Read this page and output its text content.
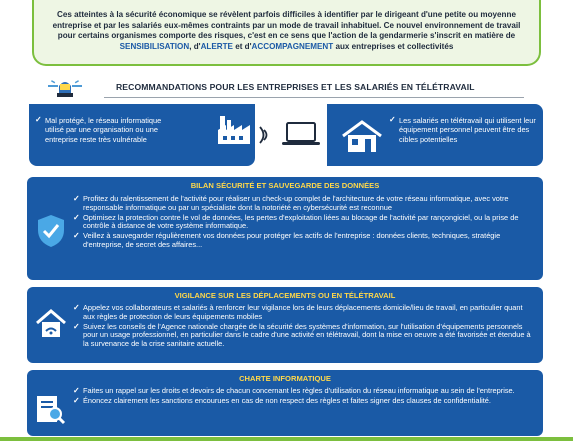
Ces atteintes à la sécurité économique se révèlent parfois difficiles à identifier par le dirigeant d'une petite ou moyenne entreprise et par les salariés eux-mêmes contraints par un mode de travail inhabituel. Ce nouvel environnement de travail pour certains organismes comporte des risques, c'est en ce sens que l'action de la gendarmerie s'inscrit en matière de SENSIBILISATION, d'ALERTE et d'ACCOMPAGNEMENT aux entreprises et collectivités
RECOMMANDATIONS POUR LES ENTREPRISES ET LES SALARIÉS EN TÉLÉTRAVAIL
✓ Mal protégé, le réseau informatique utilisé par une organisation ou une entreprise reste très vulnérable
✓ Les salariés en télétravail qui utilisent leur équipement personnel peuvent être des cibles potentielles
BILAN SÉCURITÉ ET SAUVEGARDE DES DONNÉES
✓ Profitez du ralentissement de l'activité pour réaliser un check-up complet de l'architecture de votre réseau informatique, avec votre responsable informatique ou par un spécialiste dont la notoriété en cybersécurité est reconnue
✓ Optimisez la protection contre le vol de données, les pertes d'exploitation liées au blocage de l'activité par rançongiciel, ou la prise de contrôle à distance de votre système informatique.
✓ Veillez à sauvegarder régulièrement vos données pour protéger les actifs de l'entreprise : données clients, techniques, stratégie d'entreprise, de secret des affaires...
VIGILANCE SUR LES DÉPLACEMENTS OU EN TÉLÉTRAVAIL
✓ Appelez vos collaborateurs et salariés à renforcer leur vigilance lors de leurs déplacements domicile/lieu de travail, en particulier quant aux règles de protection de leurs équipements mobiles
✓ Suivez les conseils de l'Agence nationale chargée de la sécurité des systèmes d'information, sur l'utilisation d'équipements personnels pour un usage professionnel, en particulier dans le cadre d'une activité en télétravail, dont la mise en oeuvre a été favorisée et étendue à la survenance de la crise sanitaire actuelle.
CHARTE INFORMATIQUE
✓ Faites un rappel sur les droits et devoirs de chacun concernant les règles d'utilisation du réseau informatique au sein de l'entreprise.
✓ Énoncez clairement les sanctions encourues en cas de non respect des règles et faites signer des clauses de confidentialité.
